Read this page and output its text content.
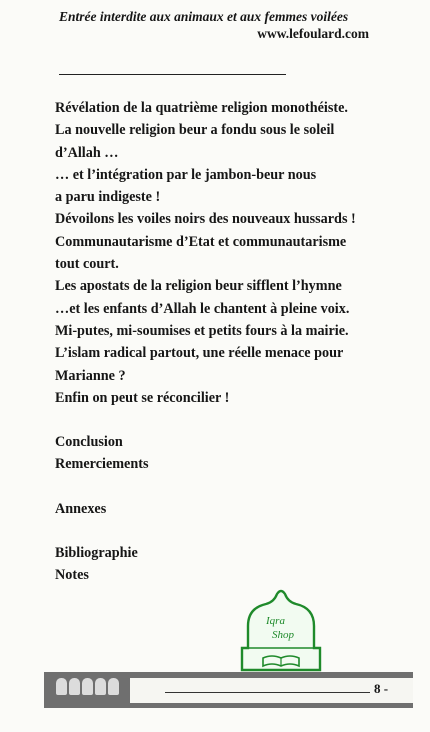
Entrée interdite aux animaux et aux femmes voilées
www.lefoulard.com
Révélation de la quatrième religion monothéiste.
La nouvelle religion beur a fondu sous le soleil
d’Allah …
… et l’intégration par le jambon-beur nous
a paru indigeste !
Dévoilons les voiles noirs des nouveaux hussards !
Communautarisme d’Etat et communautarisme
tout court.
Les apostats de la religion beur sifflent l’hymne
…et les enfants d’Allah le chantent à pleine voix.
Mi-putes, mi-soumises et petits fours à la mairie.
L’islam radical partout, une réelle menace pour
Marianne ?
Enfin on peut se réconcilier !
Conclusion
Remerciements
Annexes
Bibliographie
Notes
Iqra
Shop
8 -
